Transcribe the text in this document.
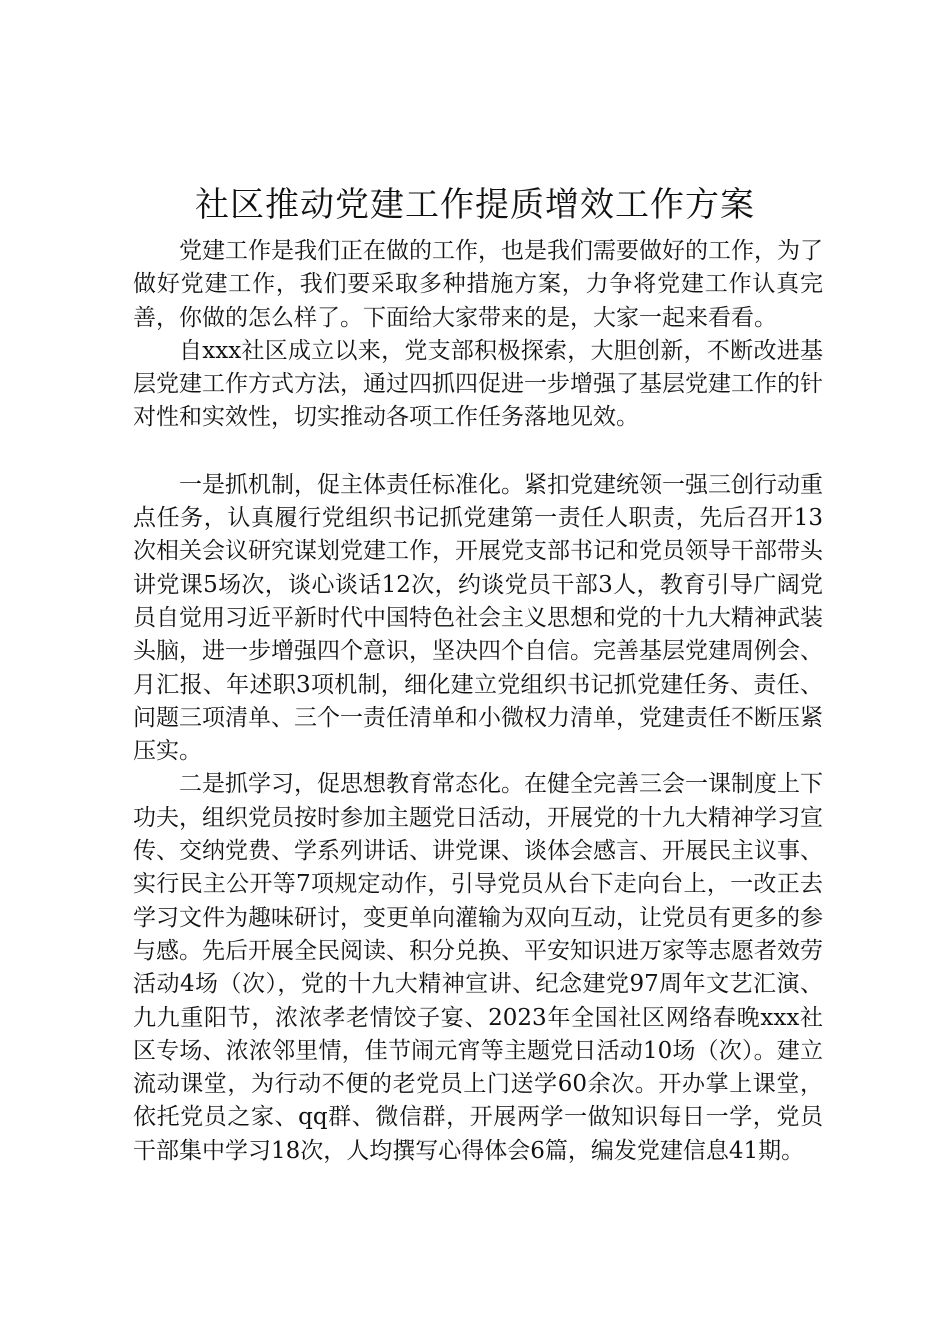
社区推动党建工作提质增效工作方案

党建工作是我们正在做的工作，也是我们需要做好的工作，为了做好党建工作，我们要采取多种措施方案，力争将党建工作认真完善，你做的怎么样了。下面给大家带来的是，大家一起来看看。

自xxx社区成立以来，党支部积极探索，大胆创新，不断改进基层党建工作方式方法，通过四抓四促进一步增强了基层党建工作的针对性和实效性，切实推动各项工作任务落地见效。

一是抓机制，促主体责任标准化。紧扣党建统领一强三创行动重点任务，认真履行党组织书记抓党建第一责任人职责，先后召开13次相关会议研究谋划党建工作，开展党支部书记和党员领导干部带头讲党课5场次，谈心谈话12次，约谈党员干部3人，教育引导广阔党员自觉用习近平新时代中国特色社会主义思想和党的十九大精神武装头脑，进一步增强四个意识，坚决四个自信。完善基层党建周例会、月汇报、年述职3项机制，细化建立党组织书记抓党建任务、责任、问题三项清单、三个一责任清单和小微权力清单，党建责任不断压紧压实。

二是抓学习，促思想教育常态化。在健全完善三会一课制度上下功夫，组织党员按时参加主题党日活动，开展党的十九大精神学习宣传、交纳党费、学系列讲话、讲党课、谈体会感言、开展民主议事、实行民主公开等7项规定动作，引导党员从台下走向台上，一改正去学习文件为趣味研讨，变更单向灌输为双向互动，让党员有更多的参与感。先后开展全民阅读、积分兑换、平安知识进万家等志愿者效劳活动4场（次），党的十九大精神宣讲、纪念建党97周年文艺汇演、九九重阳节，浓浓孝老情饺子宴、2023年全国社区网络春晚xxx社区专场、浓浓邻里情，佳节闹元宵等主题党日活动10场（次）。建立流动课堂，为行动不便的老党员上门送学60余次。开办掌上课堂，依托党员之家、qq群、微信群，开展两学一做知识每日一学，党员干部集中学习18次，人均撰写心得体会6篇，编发党建信息41期。
